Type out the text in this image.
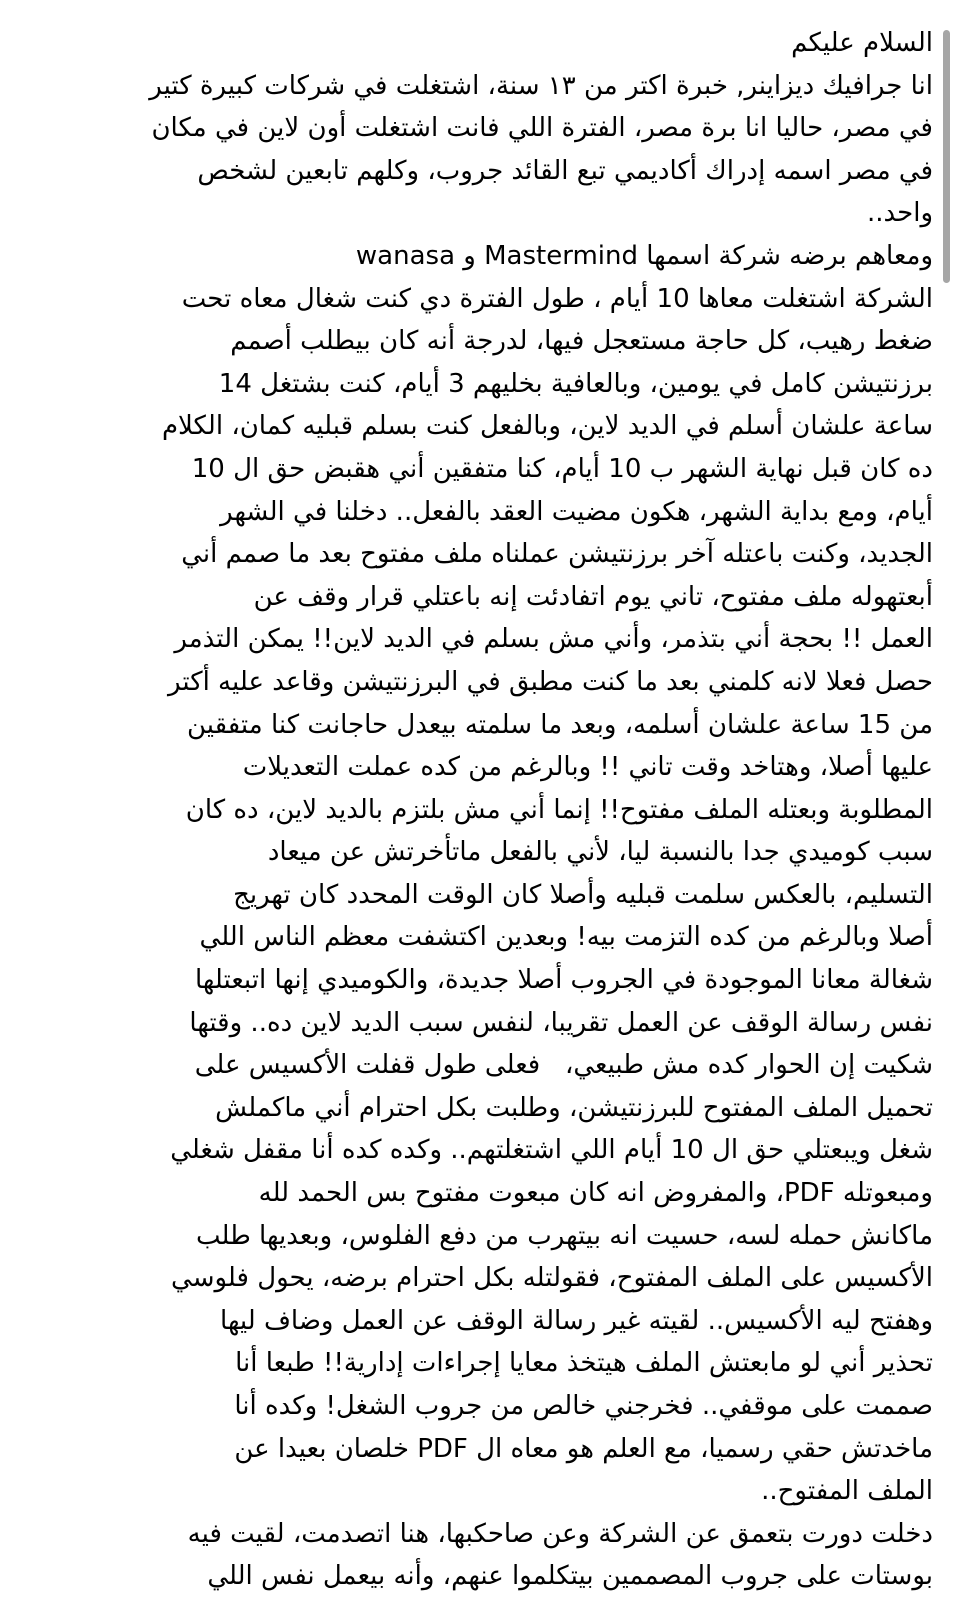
السلام عليكم
انا جرافيك ديزاينر, خبرة اكتر من ١٣ سنة، اشتغلت في شركات كبيرة كتير
في مصر، حاليا انا برة مصر، الفترة اللي فانت اشتغلت أون لاين في مكان
في مصر اسمه إدراك أكاديمي تبع القائد جروب، وكلهم تابعين لشخص
واحد..
ومعاهم برضه شركة اسمها Mastermind و wanasa
الشركة اشتغلت معاها 10 أيام ، طول الفترة دي كنت شغال معاه تحت
ضغط رهيب، كل حاجة مستعجل فيها، لدرجة أنه كان بيطلب أصمم
برزنتيشن كامل في يومين، وبالعافية بخليهم 3 أيام، كنت بشتغل 14
ساعة علشان أسلم في الديد لاين، وبالفعل كنت بسلم قبليه كمان، الكلام
ده كان قبل نهاية الشهر ب 10 أيام، كنا متفقين أني هقبض حق ال 10
أيام، ومع بداية الشهر، هكون مضيت العقد بالفعل.. دخلنا في الشهر
الجديد، وكنت باعتله آخر برزنتيشن عملناه ملف مفتوح بعد ما صمم أني
أبعتهوله ملف مفتوح، تاني يوم اتفادئت إنه باعتلي قرار وقف عن
العمل !! بحجة أني بتذمر، وأني مش بسلم في الديد لاين!! يمكن التذمر
حصل فعلا لانه كلمني بعد ما كنت مطبق في البرزنتيشن وقاعد عليه أكتر
من 15 ساعة علشان أسلمه، وبعد ما سلمته بيعدل حاجانت كنا متفقين
عليها أصلا، وهتاخد وقت تاني !! وبالرغم من كده عملت التعديلات
المطلوبة وبعتله الملف مفتوح!! إنما أني مش بلتزم بالديد لاين، ده كان
سبب كوميدي جدا بالنسبة ليا، لأني بالفعل ماتأخرتش عن ميعاد
التسليم، بالعكس سلمت قبليه وأصلا كان الوقت المحدد كان تهريج
أصلا وبالرغم من كده التزمت بيه! وبعدين اكتشفت معظم الناس اللي
شغالة معانا الموجودة في الجروب أصلا جديدة، والكوميدي إنها اتبعتلها
نفس رسالة الوقف عن العمل تقريبا، لنفس سبب الديد لاين ده.. وقتها
شكيت إن الحوار كده مش طبيعي،   فعلى طول قفلت الأكسيس على
تحميل الملف المفتوح للبرزنتيشن، وطلبت بكل احترام أني ماكملش
شغل ويبعتلي حق ال 10 أيام اللي اشتغلتهم.. وكده كده أنا مقفل شغلي
ومبعوتله PDF، والمفروض انه كان مبعوت مفتوح بس الحمد لله
ماكانش حمله لسه، حسيت انه بيتهرب من دفع الفلوس، وبعديها طلب
الأكسيس على الملف المفتوح، فقولتله بكل احترام برضه، يحول فلوسي
وهفتح ليه الأكسيس.. لقيته غير رسالة الوقف عن العمل وضاف ليها
تحذير أني لو مابعتش الملف هيتخذ معايا إجراءات إدارية!! طبعا أنا
صممت على موقفي.. فخرجني خالص من جروب الشغل! وكده أنا
ماخدتش حقي رسميا، مع العلم هو معاه ال PDF خلصان بعيدا عن
الملف المفتوح..
دخلت دورت بتعمق عن الشركة وعن صاحكبها، هنا اتصدمت، لقيت فيه
بوستات على جروب المصممين بيتكلموا عنهم، وأنه بيعمل نفس اللي
